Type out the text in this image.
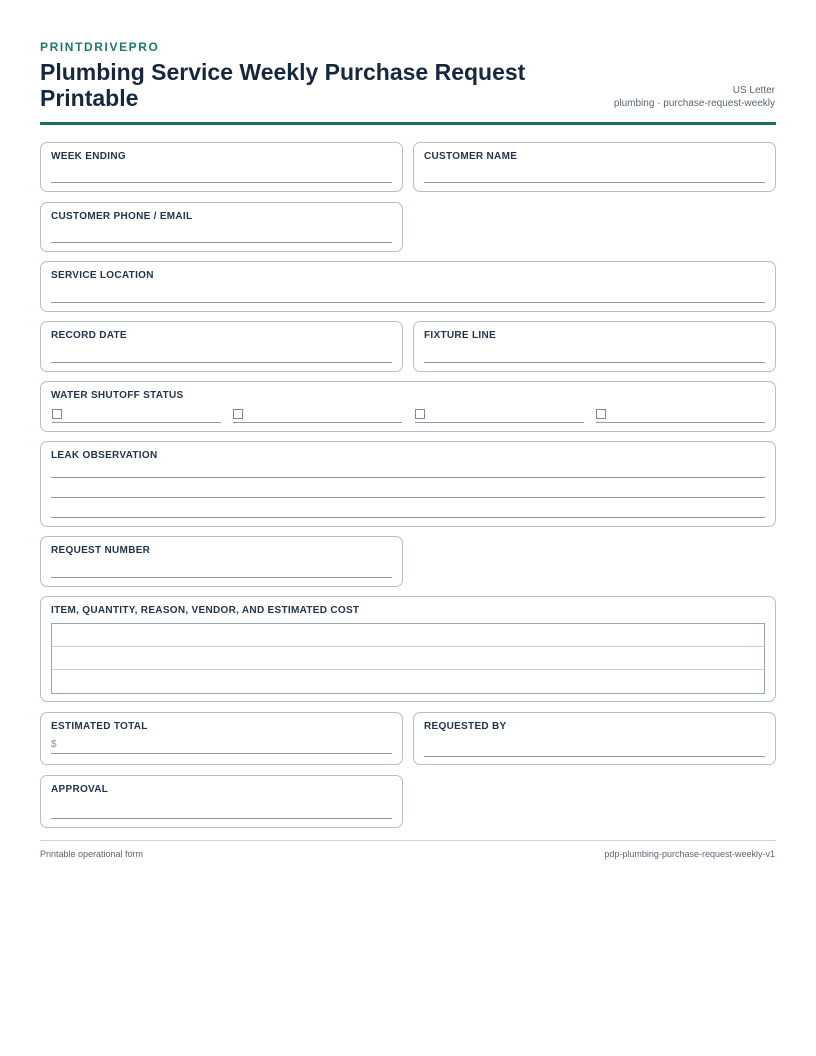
PRINTDRIVEPRO
Plumbing Service Weekly Purchase Request Printable	US Letter
plumbing · purchase-request-weekly
WEEK ENDING	CUSTOMER NAME
CUSTOMER PHONE / EMAIL
SERVICE LOCATION
RECORD DATE	FIXTURE LINE
WATER SHUTOFF STATUS
LEAK OBSERVATION
REQUEST NUMBER
ITEM, QUANTITY, REASON, VENDOR, AND ESTIMATED COST
ESTIMATED TOTAL
$
REQUESTED BY
APPROVAL
Printable operational form	pdp-plumbing-purchase-request-weekly-v1
